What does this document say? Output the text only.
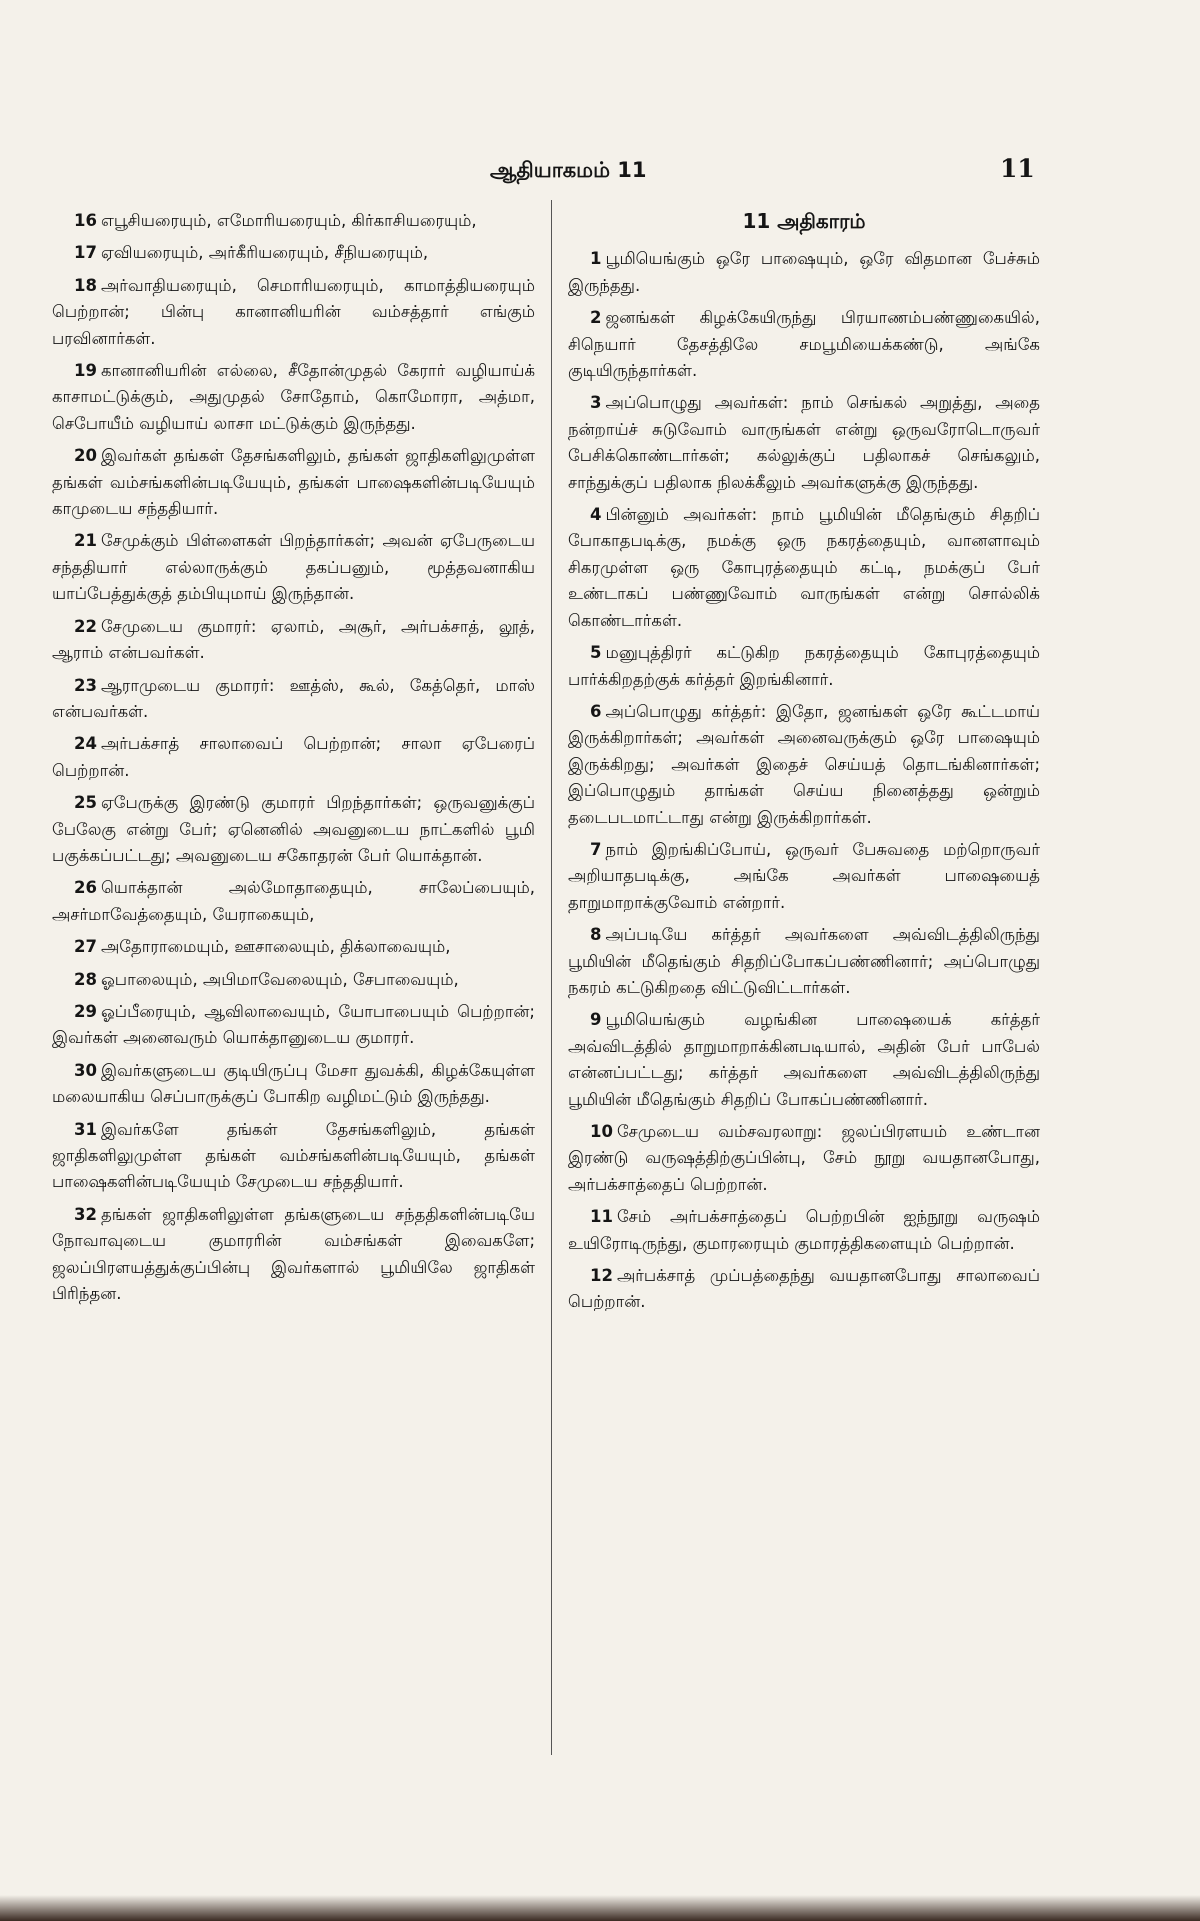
ஆதியாகமம் 11	11

16 எபூசியரையும், எமோரியரையும், கிர்காசியரையும்,

17 ஏவியரையும், அர்கீரியரையும், சீநியரையும்,

18 அர்வாதியரையும், செமாரியரையும், காமாத்தியரையும் பெற்றான்; பின்பு கானானியரின் வம்சத்தார் எங்கும் பரவினார்கள்.

19 கானானியரின் எல்லை, சீதோன்முதல் கேரார் வழியாய்க் காசாமட்டுக்கும், அதுமுதல் சோதோம், கொமோரா, அத்மா, செபோயீம் வழியாய் லாசா மட்டுக்கும் இருந்தது.

20 இவர்கள் தங்கள் தேசங்களிலும், தங்கள் ஜாதிகளிலுமுள்ள தங்கள் வம்சங்களின்படியேயும், தங்கள் பாஷைகளின்படியேயும் காமுடைய சந்ததியார்.

21 சேமுக்கும் பிள்ளைகள் பிறந்தார்கள்; அவன் ஏபேருடைய சந்ததியார் எல்லாருக்கும் தகப்பனும், மூத்தவனாகிய யாப்பேத்துக்குத் தம்பியுமாய் இருந்தான்.

22 சேமுடைய குமாரர்: ஏலாம், அசூர், அர்பக்சாத், லூத், ஆராம் என்பவர்கள்.

23 ஆராமுடைய குமாரர்: ஊத்ஸ், கூல், கேத்தெர், மாஸ் என்பவர்கள்.

24 அர்பக்சாத் சாலாவைப் பெற்றான்; சாலா ஏபேரைப் பெற்றான்.

25 ஏபேருக்கு இரண்டு குமாரர் பிறந்தார்கள்; ஒருவனுக்குப் பேலேகு என்று பேர்; ஏனெனில் அவனுடைய நாட்களில் பூமி பகுக்கப்பட்டது; அவனுடைய சகோதரன் பேர் யொக்தான்.

26 யொக்தான் அல்மோதாதையும், சாலேப்பையும், அசர்மாவேத்தையும், யேராகையும்,

27 அதோராமையும், ஊசாலையும், திக்லாவையும்,

28 ஓபாலையும், அபிமாவேலையும், சேபாவையும்,

29 ஓப்பீரையும், ஆவிலாவையும், யோபாபையும் பெற்றான்; இவர்கள் அனைவரும் யொக்தானுடைய குமாரர்.

30 இவர்களுடைய குடியிருப்பு மேசா துவக்கி, கிழக்கேயுள்ள மலையாகிய செப்பாருக்குப் போகிற வழிமட்டும் இருந்தது.

31 இவர்களே தங்கள் தேசங்களிலும், தங்கள் ஜாதிகளிலுமுள்ள தங்கள் வம்சங்களின்படியேயும், தங்கள் பாஷைகளின்படியேயும் சேமுடைய சந்ததியார்.

32 தங்கள் ஜாதிகளிலுள்ள தங்களுடைய சந்ததிகளின்படியே நோவாவுடைய குமாரரின் வம்சங்கள் இவைகளே; ஜலப்பிரளயத்துக்குப்பின்பு இவர்களால் பூமியிலே ஜாதிகள் பிரிந்தன.

11 அதிகாரம்

1 பூமியெங்கும் ஒரே பாஷையும், ஒரே விதமான பேச்சும் இருந்தது.

2 ஜனங்கள் கிழக்கேயிருந்து பிரயாணம்பண்ணுகையில், சிநெயார் தேசத்திலே சமபூமியைக்கண்டு, அங்கே குடியிருந்தார்கள்.

3 அப்பொழுது அவர்கள்: நாம் செங்கல் அறுத்து, அதை நன்றாய்ச் சுடுவோம் வாருங்கள் என்று ஒருவரோடொருவர் பேசிக்கொண்டார்கள்; கல்லுக்குப் பதிலாகச் செங்கலும், சாந்துக்குப் பதிலாக நிலக்கீலும் அவர்களுக்கு இருந்தது.

4 பின்னும் அவர்கள்: நாம் பூமியின் மீதெங்கும் சிதறிப் போகாதபடிக்கு, நமக்கு ஒரு நகரத்தையும், வானளாவும் சிகரமுள்ள ஒரு கோபுரத்தையும் கட்டி, நமக்குப் பேர் உண்டாகப் பண்ணுவோம் வாருங்கள் என்று சொல்லிக் கொண்டார்கள்.

5 மனுபுத்திரர் கட்டுகிற நகரத்தையும் கோபுரத்தையும் பார்க்கிறதற்குக் கர்த்தர் இறங்கினார்.

6 அப்பொழுது கர்த்தர்: இதோ, ஜனங்கள் ஒரே கூட்டமாய் இருக்கிறார்கள்; அவர்கள் அனைவருக்கும் ஒரே பாஷையும் இருக்கிறது; அவர்கள் இதைச் செய்யத் தொடங்கினார்கள்; இப்பொழுதும் தாங்கள் செய்ய நினைத்தது ஒன்றும் தடைபடமாட்டாது என்று இருக்கிறார்கள்.

7 நாம் இறங்கிப்போய், ஒருவர் பேசுவதை மற்றொருவர் அறியாதபடிக்கு, அங்கே அவர்கள் பாஷையைத் தாறுமாறாக்குவோம் என்றார்.

8 அப்படியே கர்த்தர் அவர்களை அவ்விடத்திலிருந்து பூமியின் மீதெங்கும் சிதறிப்போகப்பண்ணினார்; அப்பொழுது நகரம் கட்டுகிறதை விட்டுவிட்டார்கள்.

9 பூமியெங்கும் வழங்கின பாஷையைக் கர்த்தர் அவ்விடத்தில் தாறுமாறாக்கினபடியால், அதின் பேர் பாபேல் என்னப்பட்டது; கர்த்தர் அவர்களை அவ்விடத்திலிருந்து பூமியின் மீதெங்கும் சிதறிப் போகப்பண்ணினார்.

10 சேமுடைய வம்சவரலாறு: ஜலப்பிரளயம் உண்டான இரண்டு வருஷத்திற்குப்பின்பு, சேம் நூறு வயதானபோது, அர்பக்சாத்தைப் பெற்றான்.

11 சேம் அர்பக்சாத்தைப் பெற்றபின் ஐந்நூறு வருஷம் உயிரோடிருந்து, குமாரரையும் குமாரத்திகளையும் பெற்றான்.

12 அர்பக்சாத் முப்பத்தைந்து வயதானபோது சாலாவைப் பெற்றான்.
